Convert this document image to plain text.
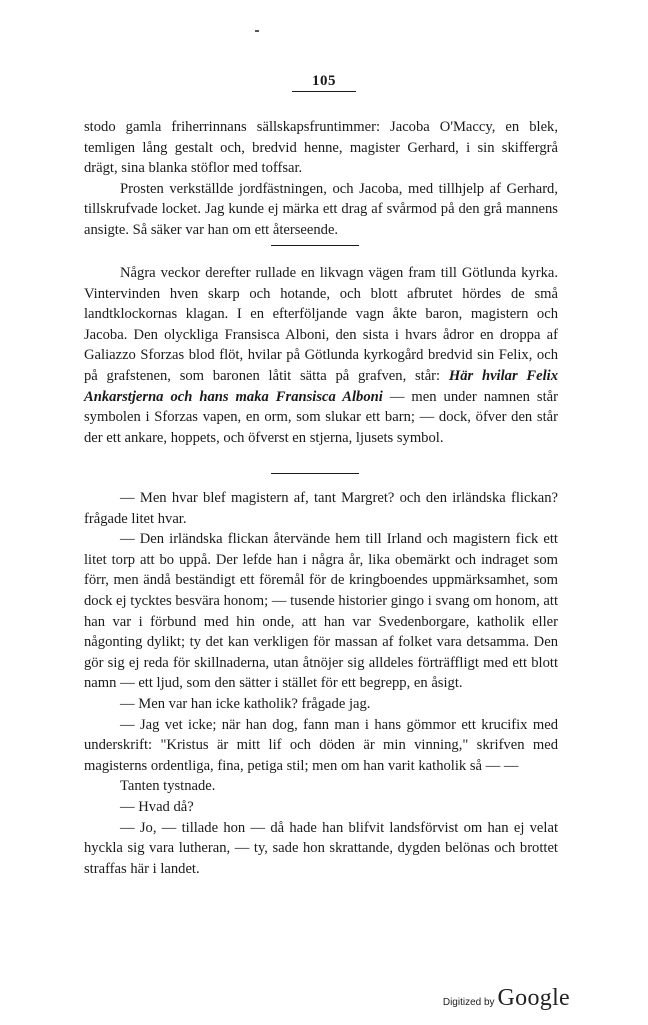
105

stodo gamla friherrinnans sällskapsfruntimmer: Jacoba O'Maccy, en blek, temligen lång gestalt och, bredvid henne, magister Gerhard, i sin skiffergrå drägt, sina blanka stöflor med toffsar.

Prosten verkställde jordfästningen, och Jacoba, med tillhjelp af Gerhard, tillskrufvade locket. Jag kunde ej märka ett drag af svårmod på den grå mannens ansigte. Så säker var han om ett återseende.

Några veckor derefter rullade en likvagn vägen fram till Götlunda kyrka. Vintervinden hven skarp och hotande, och blott afbrutet hördes de små landtklockornas klagan. I en efterföljande vagn åkte baron, magistern och Jacoba. Den olyckliga Fransisca Alboni, den sista i hvars ådror en droppa af Galiazzo Sforzas blod flöt, hvilar på Götlunda kyrkogård bredvid sin Felix, och på grafstenen, som baronen låtit sätta på grafven, står: Här hvilar Felix Ankarstjerna och hans maka Fransisca Alboni — men under namnen står symbolen i Sforzas vapen, en orm, som slukar ett barn; — dock, öfver den står der ett ankare, hoppets, och öfverst en stjerna, ljusets symbol.

— Men hvar blef magistern af, tant Margret? och den irländska flickan? frågade litet hvar.

— Den irländska flickan återvände hem till Irland och magistern fick ett litet torp att bo uppå. Der lefde han i några år, lika obemärkt och indraget som förr, men ändå beständigt ett föremål för de kringboendes uppmärksamhet, som dock ej tycktes besvära honom; — tusende historier gingo i svang om honom, att han var i förbund med hin onde, att han var Svedenborgare, katholik eller någonting dylikt; ty det kan verkligen för massan af folket vara detsamma. Den gör sig ej reda för skillnaderna, utan åtnöjer sig alldeles förträffligt med ett blott namn — ett ljud, som den sätter i stället för ett begrepp, en åsigt.

— Men var han icke katholik? frågade jag.

— Jag vet icke; när han dog, fann man i hans gömmor ett krucifix med underskrift: "Kristus är mitt lif och döden är min vinning," skrifven med magisterns ordentliga, fina, petiga stil; men om han varit katholik så — —

Tanten tystnade.

— Hvad då?

— Jo, — tillade hon — då hade han blifvit landsförvist om han ej velat hyckla sig vara lutheran, — ty, sade hon skrattande, dygden belönas och brottet straffas här i landet.

Digitized by Google
